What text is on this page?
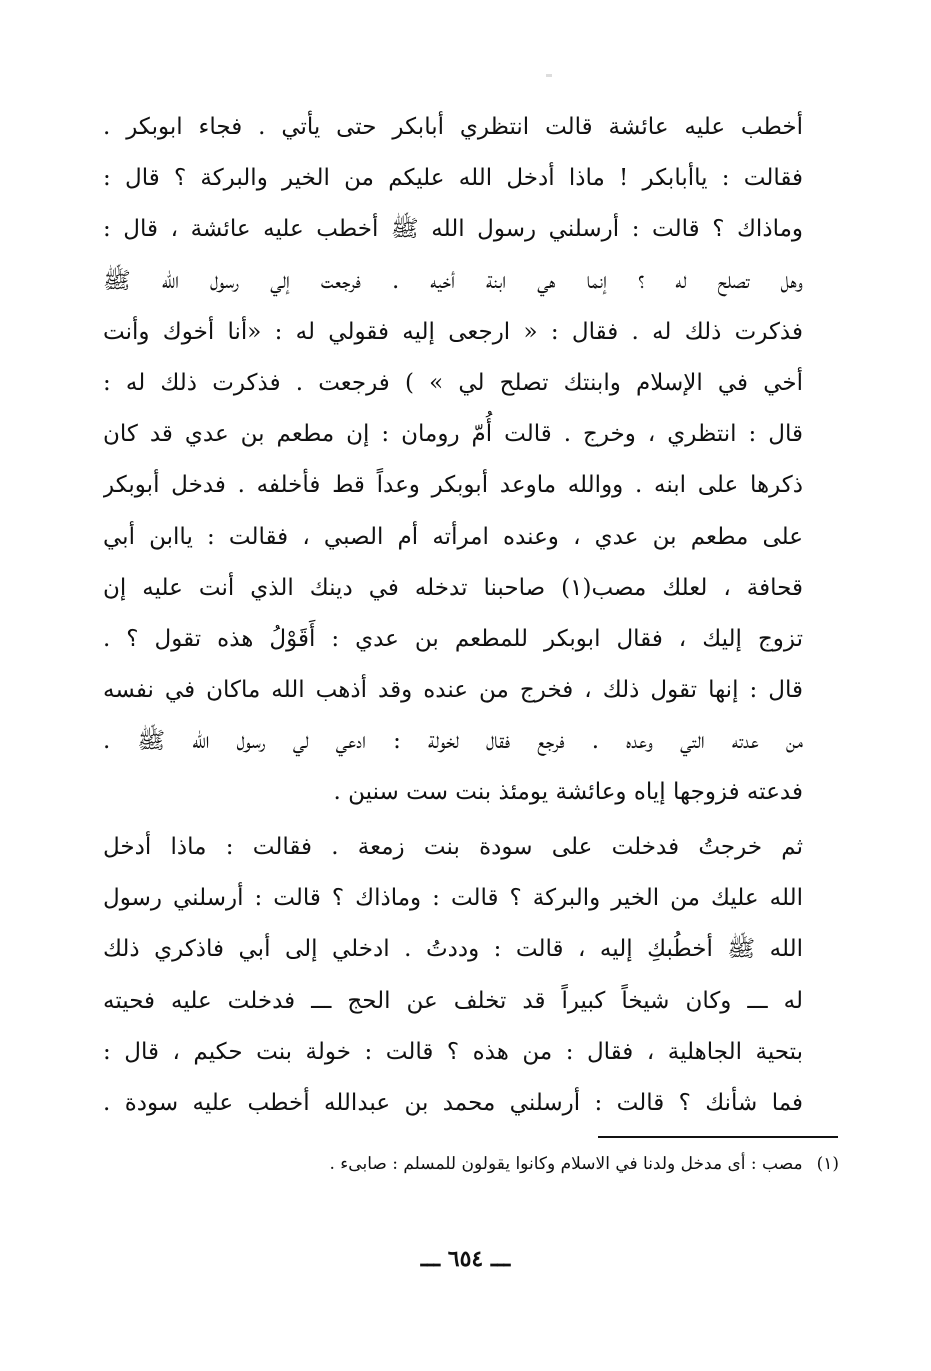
أخطب عليه عائشة قالت انتظري أبابكر حتى يأتي . فجاء ابوبكر .
فقالت : ياأبابكر ! ماذا أدخل الله عليكم من الخير والبركة ؟ قال :
وماذاك ؟ قالت : أرسلني رسول الله ﷺ أخطب عليه عائشة ، قال :
وهل تصلح له ؟ إنما هي ابنة أخيه . فرجعت إلي رسول الله ﷺ
فذكرت ذلك له . فقال : « ارجعى إليه فقولي له : «أنا أخوك وأنت
أخي في الإسلام وابنتك تصلح لي » ) فرجعت . فذكرت ذلك له :
قال : انتظري ، وخرج . قالت أُمّ رومان : إن مطعم بن عدي قد كان
ذكرها على ابنه . ووالله ماوعد أبوبكر وعداً قط فأخلفه . فدخل أبوبكر
على مطعم بن عدي ، وعنده امرأته أم الصبي ، فقالت : ياابن أبي
قحافة ، لعلك مصب(١) صاحبنا تدخله في دينك الذي أنت عليه إن
تزوج إليك ، فقال ابوبكر للمطعم بن عدي : أَقَوْلُ هذه تقول ؟ .
قال : إنها تقول ذلك ، فخرج من عنده وقد أذهب الله ماكان في نفسه
من عدته التي وعده . فرجع فقال لخولة : ادعي لي رسول الله ﷺ .
فدعته فزوجها إياه وعائشة يومئذ بنت ست سنين .
ثم خرجتُ فدخلت على سودة بنت زمعة . فقالت : ماذا أدخل
الله عليك من الخير والبركة ؟ قالت : وماذاك ؟ قالت : أرسلني رسول
الله ﷺ أخطُبكِ إليه ، قالت : وددتُ . ادخلي إلى أبي فاذكري ذلك
له ـــ وكان شيخاً كبيراً قد تخلف عن الحج ـــ فدخلت عليه فحيته
بتحية الجاهلية ، فقال : من هذه ؟ قالت : خولة بنت حكيم ، قال :
فما شأنك ؟ قالت : أرسلني محمد بن عبدالله أخطب عليه سودة .
(١)مصب : أى مدخل ولدنا في الاسلام وكانوا يقولون للمسلم : صابىء .
ـــ ٦٥٤ ـــ
